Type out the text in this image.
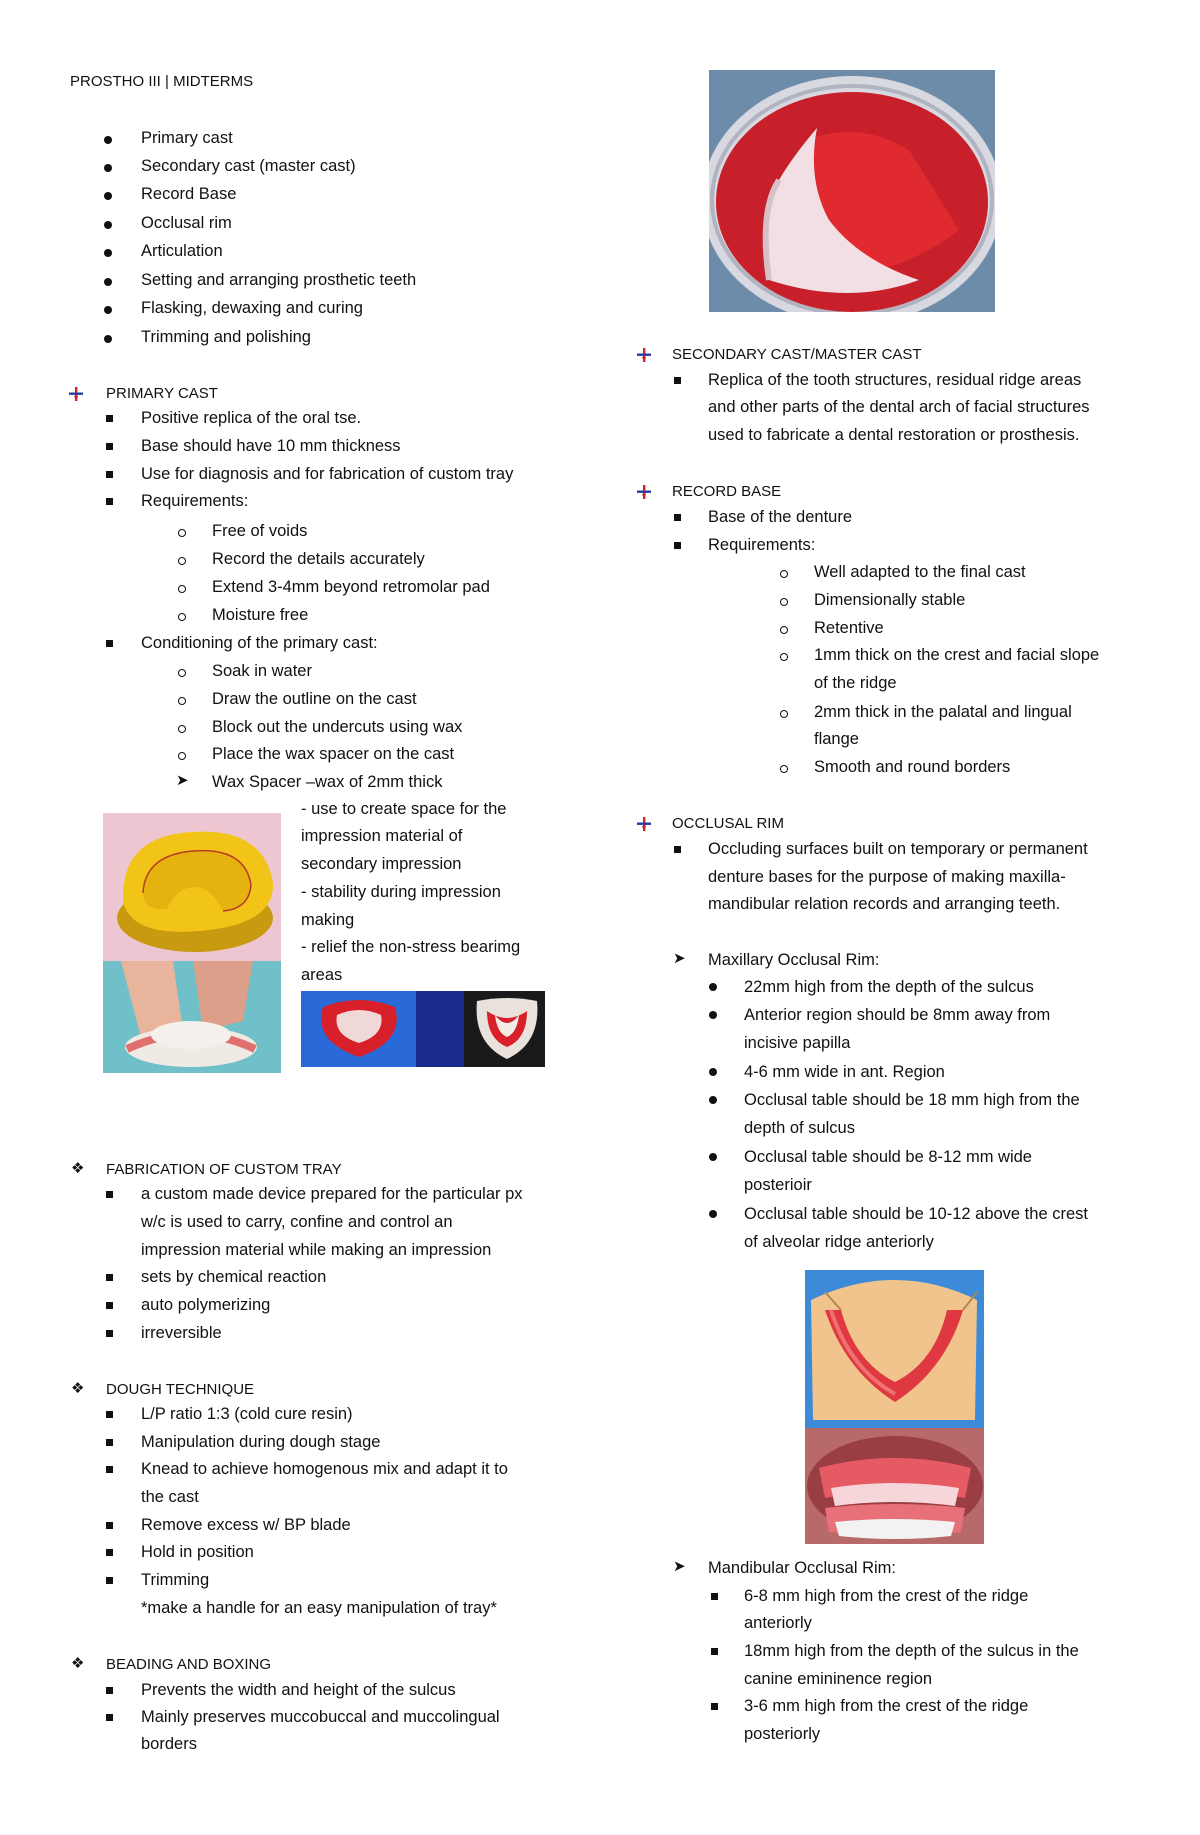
PROSTHO III | MIDTERMS
Primary cast
Secondary cast (master cast)
Record Base
Occlusal rim
Articulation
Setting and arranging prosthetic teeth
Flasking, dewaxing and curing
Trimming and polishing
PRIMARY CAST
Positive replica of the oral tse.
Base should have 10 mm thickness
Use for diagnosis and for fabrication of custom tray
Requirements:
Free of voids
Record the details accurately
Extend 3-4mm beyond retromolar pad
Moisture free
Conditioning of the primary cast:
Soak in water
Draw the outline on the cast
Block out the undercuts using wax
Place the wax spacer on the cast
➤ Wax Spacer –wax of 2mm thick
- use to create space for the
impression material of
secondary impression
- stability during impression
making
- relief the non-stress bearimg
areas
❖ FABRICATION OF CUSTOM TRAY
a custom made device prepared for the particular px
w/c is used to carry, confine and control an
impression material while making an impression
sets by chemical reaction
auto polymerizing
irreversible
❖ DOUGH TECHNIQUE
L/P ratio 1:3 (cold cure resin)
Manipulation during dough stage
Knead to achieve homogenous mix and adapt it to
the cast
Remove excess w/ BP blade
Hold in position
Trimming
*make a handle for an easy manipulation of tray*
❖ BEADING AND BOXING
Prevents the width and height of the sulcus
Mainly preserves muccobuccal and muccolingual
borders
SECONDARY CAST/MASTER CAST
Replica of the tooth structures, residual ridge areas
and other parts of the dental arch of facial structures
used to fabricate a dental restoration or prosthesis.
RECORD BASE
Base of the denture
Requirements:
Well adapted to the final cast
Dimensionally stable
Retentive
1mm thick on the crest and facial slope
of the ridge
2mm thick in the palatal and lingual
flange
Smooth and round borders
OCCLUSAL RIM
Occluding surfaces built on temporary or permanent
denture bases for the purpose of making maxilla-
mandibular relation records and arranging teeth.
➤ Maxillary Occlusal Rim:
22mm high from the depth of the sulcus
Anterior region should be 8mm away from
incisive papilla
4-6 mm wide in ant. Region
Occlusal table should be 18 mm high from the
depth of sulcus
Occlusal table should be 8-12 mm wide
posterioir
Occlusal table should be 10-12 above the crest
of alveolar ridge anteriorly
➤ Mandibular Occlusal Rim:
6-8 mm high from the crest of the ridge
anteriorly
18mm high from the depth of the sulcus in the
canine emininence region
3-6 mm high from the crest of the ridge
posteriorly
